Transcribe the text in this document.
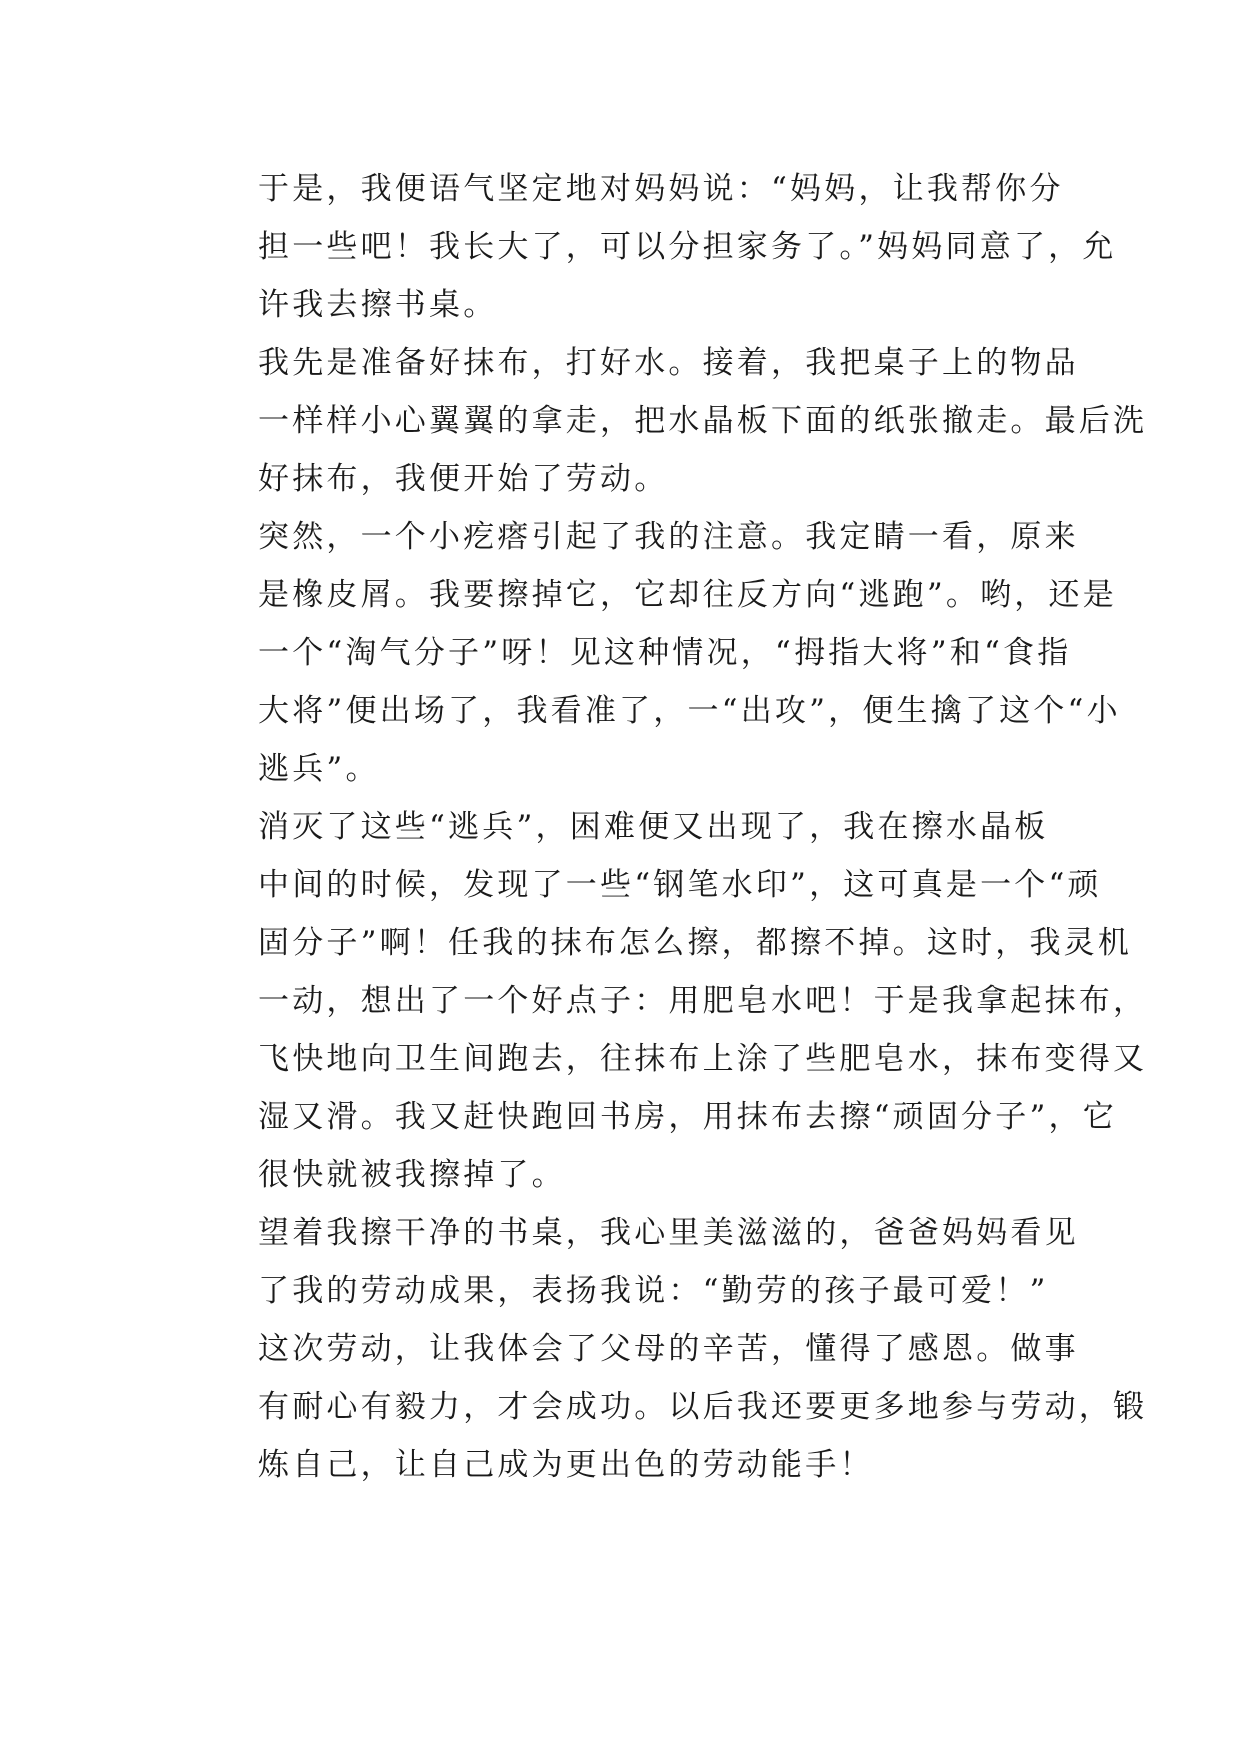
于是，我便语气坚定地对妈妈说：“妈妈，让我帮你分
担一些吧！我长大了，可以分担家务了。”妈妈同意了，允
许我去擦书桌。

我先是准备好抹布，打好水。接着，我把桌子上的物品
一样样小心翼翼的拿走，把水晶板下面的纸张撤走。最后洗
好抹布，我便开始了劳动。

突然，一个小疙瘩引起了我的注意。我定睛一看，原来
是橡皮屑。我要擦掉它，它却往反方向“逃跑”。哟，还是
一个“淘气分子”呀！见这种情况，“拇指大将”和“食指
大将”便出场了，我看准了，一“出攻”，便生擒了这个“小
逃兵”。

消灭了这些“逃兵”，困难便又出现了，我在擦水晶板
中间的时候，发现了一些“钢笔水印”，这可真是一个“顽
固分子”啊！任我的抹布怎么擦，都擦不掉。这时，我灵机
一动，想出了一个好点子：用肥皂水吧！于是我拿起抹布，
飞快地向卫生间跑去，往抹布上涂了些肥皂水，抹布变得又
湿又滑。我又赶快跑回书房，用抹布去擦“顽固分子”，它
很快就被我擦掉了。

望着我擦干净的书桌，我心里美滋滋的，爸爸妈妈看见
了我的劳动成果，表扬我说：“勤劳的孩子最可爱！”

这次劳动，让我体会了父母的辛苦，懂得了感恩。做事
有耐心有毅力，才会成功。以后我还要更多地参与劳动，锻
炼自己，让自己成为更出色的劳动能手！
